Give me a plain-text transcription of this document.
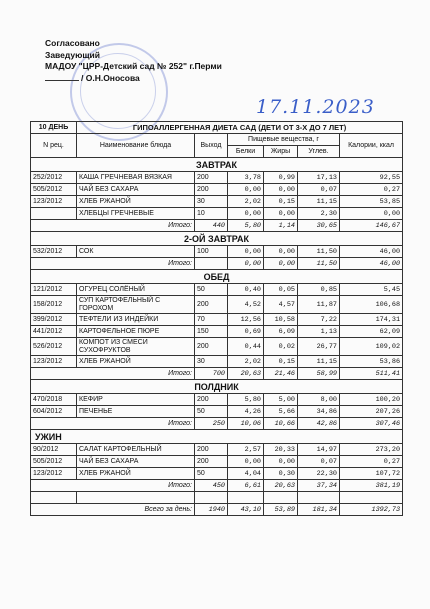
Согласовано
Заведующий
МАДОУ "ЦРР-Детский сад № 252" г.Перми
/ О.Н.Оносова
17.11.2023
10 ДЕНЬ	ГИПОАЛЛЕРГЕННАЯ ДИЕТА САД (ДЕТИ ОТ 3-Х ДО 7 ЛЕТ)					
N рец.	Наименование блюда	Выход	Пищевые вещества, г			Калории, ккал
			Белки	Жиры	Углев.	
ЗАВТРАК						
252/2012	КАША ГРЕЧНЕВАЯ ВЯЗКАЯ	200	3,78	0,99	17,13	92,55
505/2012	ЧАЙ БЕЗ САХАРА	200	0,00	0,00	0,07	0,27
123/2012	ХЛЕБ РЖАНОЙ	30	2,02	0,15	11,15	53,85
	ХЛЕБЦЫ ГРЕЧНЕВЫЕ	10	0,00	0,00	2,30	0,00
Итого:		440	5,80	1,14	30,65	146,67
2-ОЙ ЗАВТРАК						
532/2012	СОК	100	0,00	0,00	11,50	46,00
Итого:			0,00	0,00	11,50	46,00
ОБЕД						
121/2012	ОГУРЕЦ СОЛЁНЫЙ	50	0,40	0,05	0,85	5,45
158/2012	СУП КАРТОФЕЛЬНЫЙ С ГОРОХОМ	200	4,52	4,57	11,87	106,68
399/2012	ТЕФТЕЛИ ИЗ ИНДЕЙКИ	70	12,56	10,58	7,22	174,31
441/2012	КАРТОФЕЛЬНОЕ ПЮРЕ	150	0,69	6,09	1,13	62,09
526/2012	КОМПОТ ИЗ СМЕСИ СУХОФРУКТОВ	200	0,44	0,02	26,77	109,02
123/2012	ХЛЕБ РЖАНОЙ	30	2,02	0,15	11,15	53,86
Итого:		700	20,63	21,46	58,99	511,41
ПОЛДНИК						
470/2018	КЕФИР	200	5,80	5,00	8,00	100,20
604/2012	ПЕЧЕНЬЕ	50	4,26	5,66	34,86	207,26
Итого:		250	10,06	10,66	42,86	307,46
УЖИН						
90/2012	САЛАТ КАРТОФЕЛЬНЫЙ	200	2,57	20,33	14,97	273,20
505/2012	ЧАЙ БЕЗ САХАРА	200	0,00	0,00	0,07	0,27
123/2012	ХЛЕБ РЖАНОЙ	50	4,04	0,30	22,30	107,72
Итого:		450	6,61	20,63	37,34	381,19

Всего за день:		1940	43,10	53,89	181,34	1392,73
